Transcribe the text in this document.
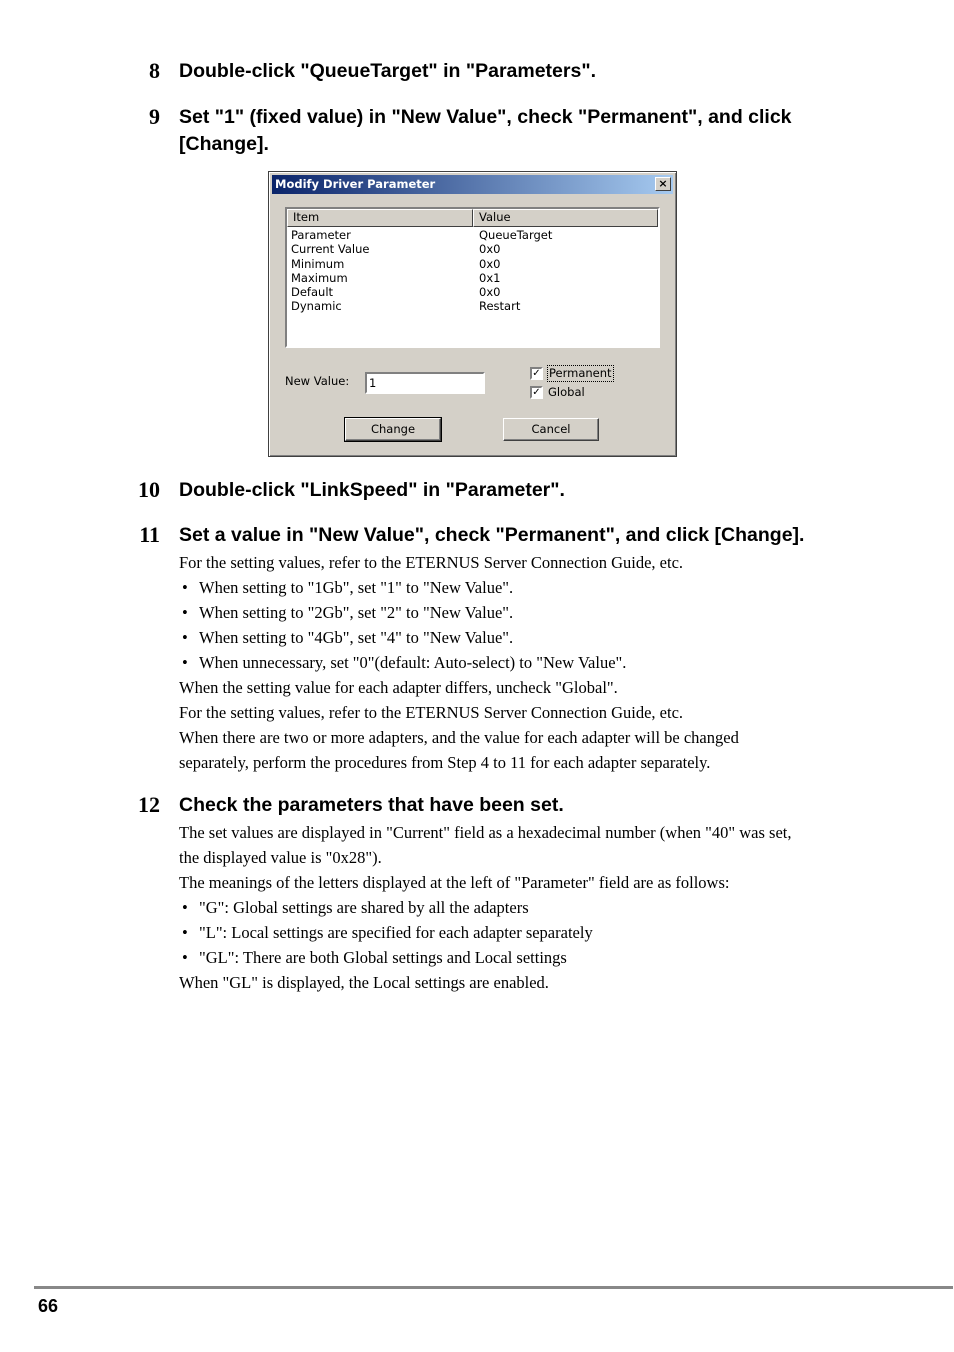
8 Double-click "QueueTarget" in "Parameters".
9 Set "1" (fixed value) in "New Value", check "Permanent", and click
[Change].
Modify Driver Parameter	×
Item	Value
Parameter	QueueTarget
Current Value	0x0
Minimum	0x0
Maximum	0x1
Default	0x0
Dynamic	Restart
New Value:	1
✓ Permanent
✓ Global
Change	Cancel
10 Double-click "LinkSpeed" in "Parameter".
11 Set a value in "New Value", check "Permanent", and click [Change].
For the setting values, refer to the ETERNUS Server Connection Guide, etc.
• When setting to "1Gb", set "1" to "New Value".
• When setting to "2Gb", set "2" to "New Value".
• When setting to "4Gb", set "4" to "New Value".
• When unnecessary, set "0"(default: Auto-select) to "New Value".
When the setting value for each adapter differs, uncheck "Global".
For the setting values, refer to the ETERNUS Server Connection Guide, etc.
When there are two or more adapters, and the value for each adapter will be changed
separately, perform the procedures from Step 4 to 11 for each adapter separately.
12 Check the parameters that have been set.
The set values are displayed in "Current" field as a hexadecimal number (when "40" was set,
the displayed value is "0x28").
The meanings of the letters displayed at the left of "Parameter" field are as follows:
• "G": Global settings are shared by all the adapters
• "L": Local settings are specified for each adapter separately
• "GL": There are both Global settings and Local settings
When "GL" is displayed, the Local settings are enabled.
66
